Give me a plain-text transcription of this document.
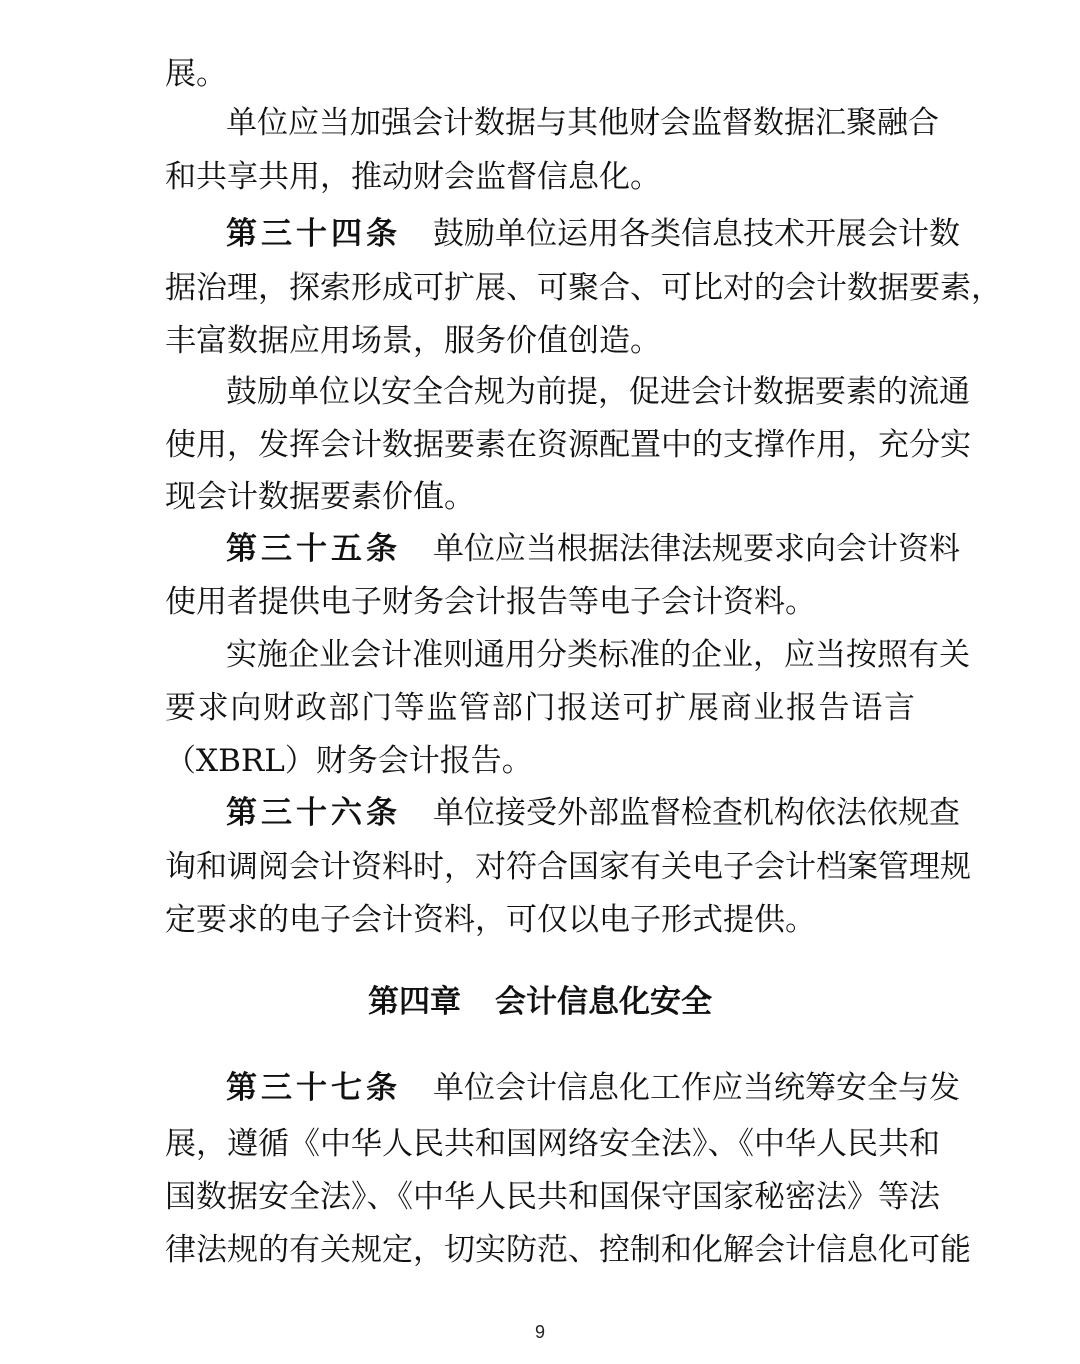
展。
单位应当加强会计数据与其他财会监督数据汇聚融合
和共享共用，推动财会监督信息化。
第三十四条 鼓励单位运用各类信息技术开展会计数
据治理，探索形成可扩展、可聚合、可比对的会计数据要素，
丰富数据应用场景，服务价值创造。
鼓励单位以安全合规为前提，促进会计数据要素的流通
使用，发挥会计数据要素在资源配置中的支撑作用，充分实
现会计数据要素价值。
第三十五条 单位应当根据法律法规要求向会计资料
使用者提供电子财务会计报告等电子会计资料。
实施企业会计准则通用分类标准的企业，应当按照有关
要求向财政部门等监管部门报送可扩展商业报告语言
（XBRL）财务会计报告。
第三十六条 单位接受外部监督检查机构依法依规查
询和调阅会计资料时，对符合国家有关电子会计档案管理规
定要求的电子会计资料，可仅以电子形式提供。
第四章 会计信息化安全
第三十七条 单位会计信息化工作应当统筹安全与发
展，遵循《中华人民共和国网络安全法》、《中华人民共和
国数据安全法》、《中华人民共和国保守国家秘密法》等法
律法规的有关规定，切实防范、控制和化解会计信息化可能
9
